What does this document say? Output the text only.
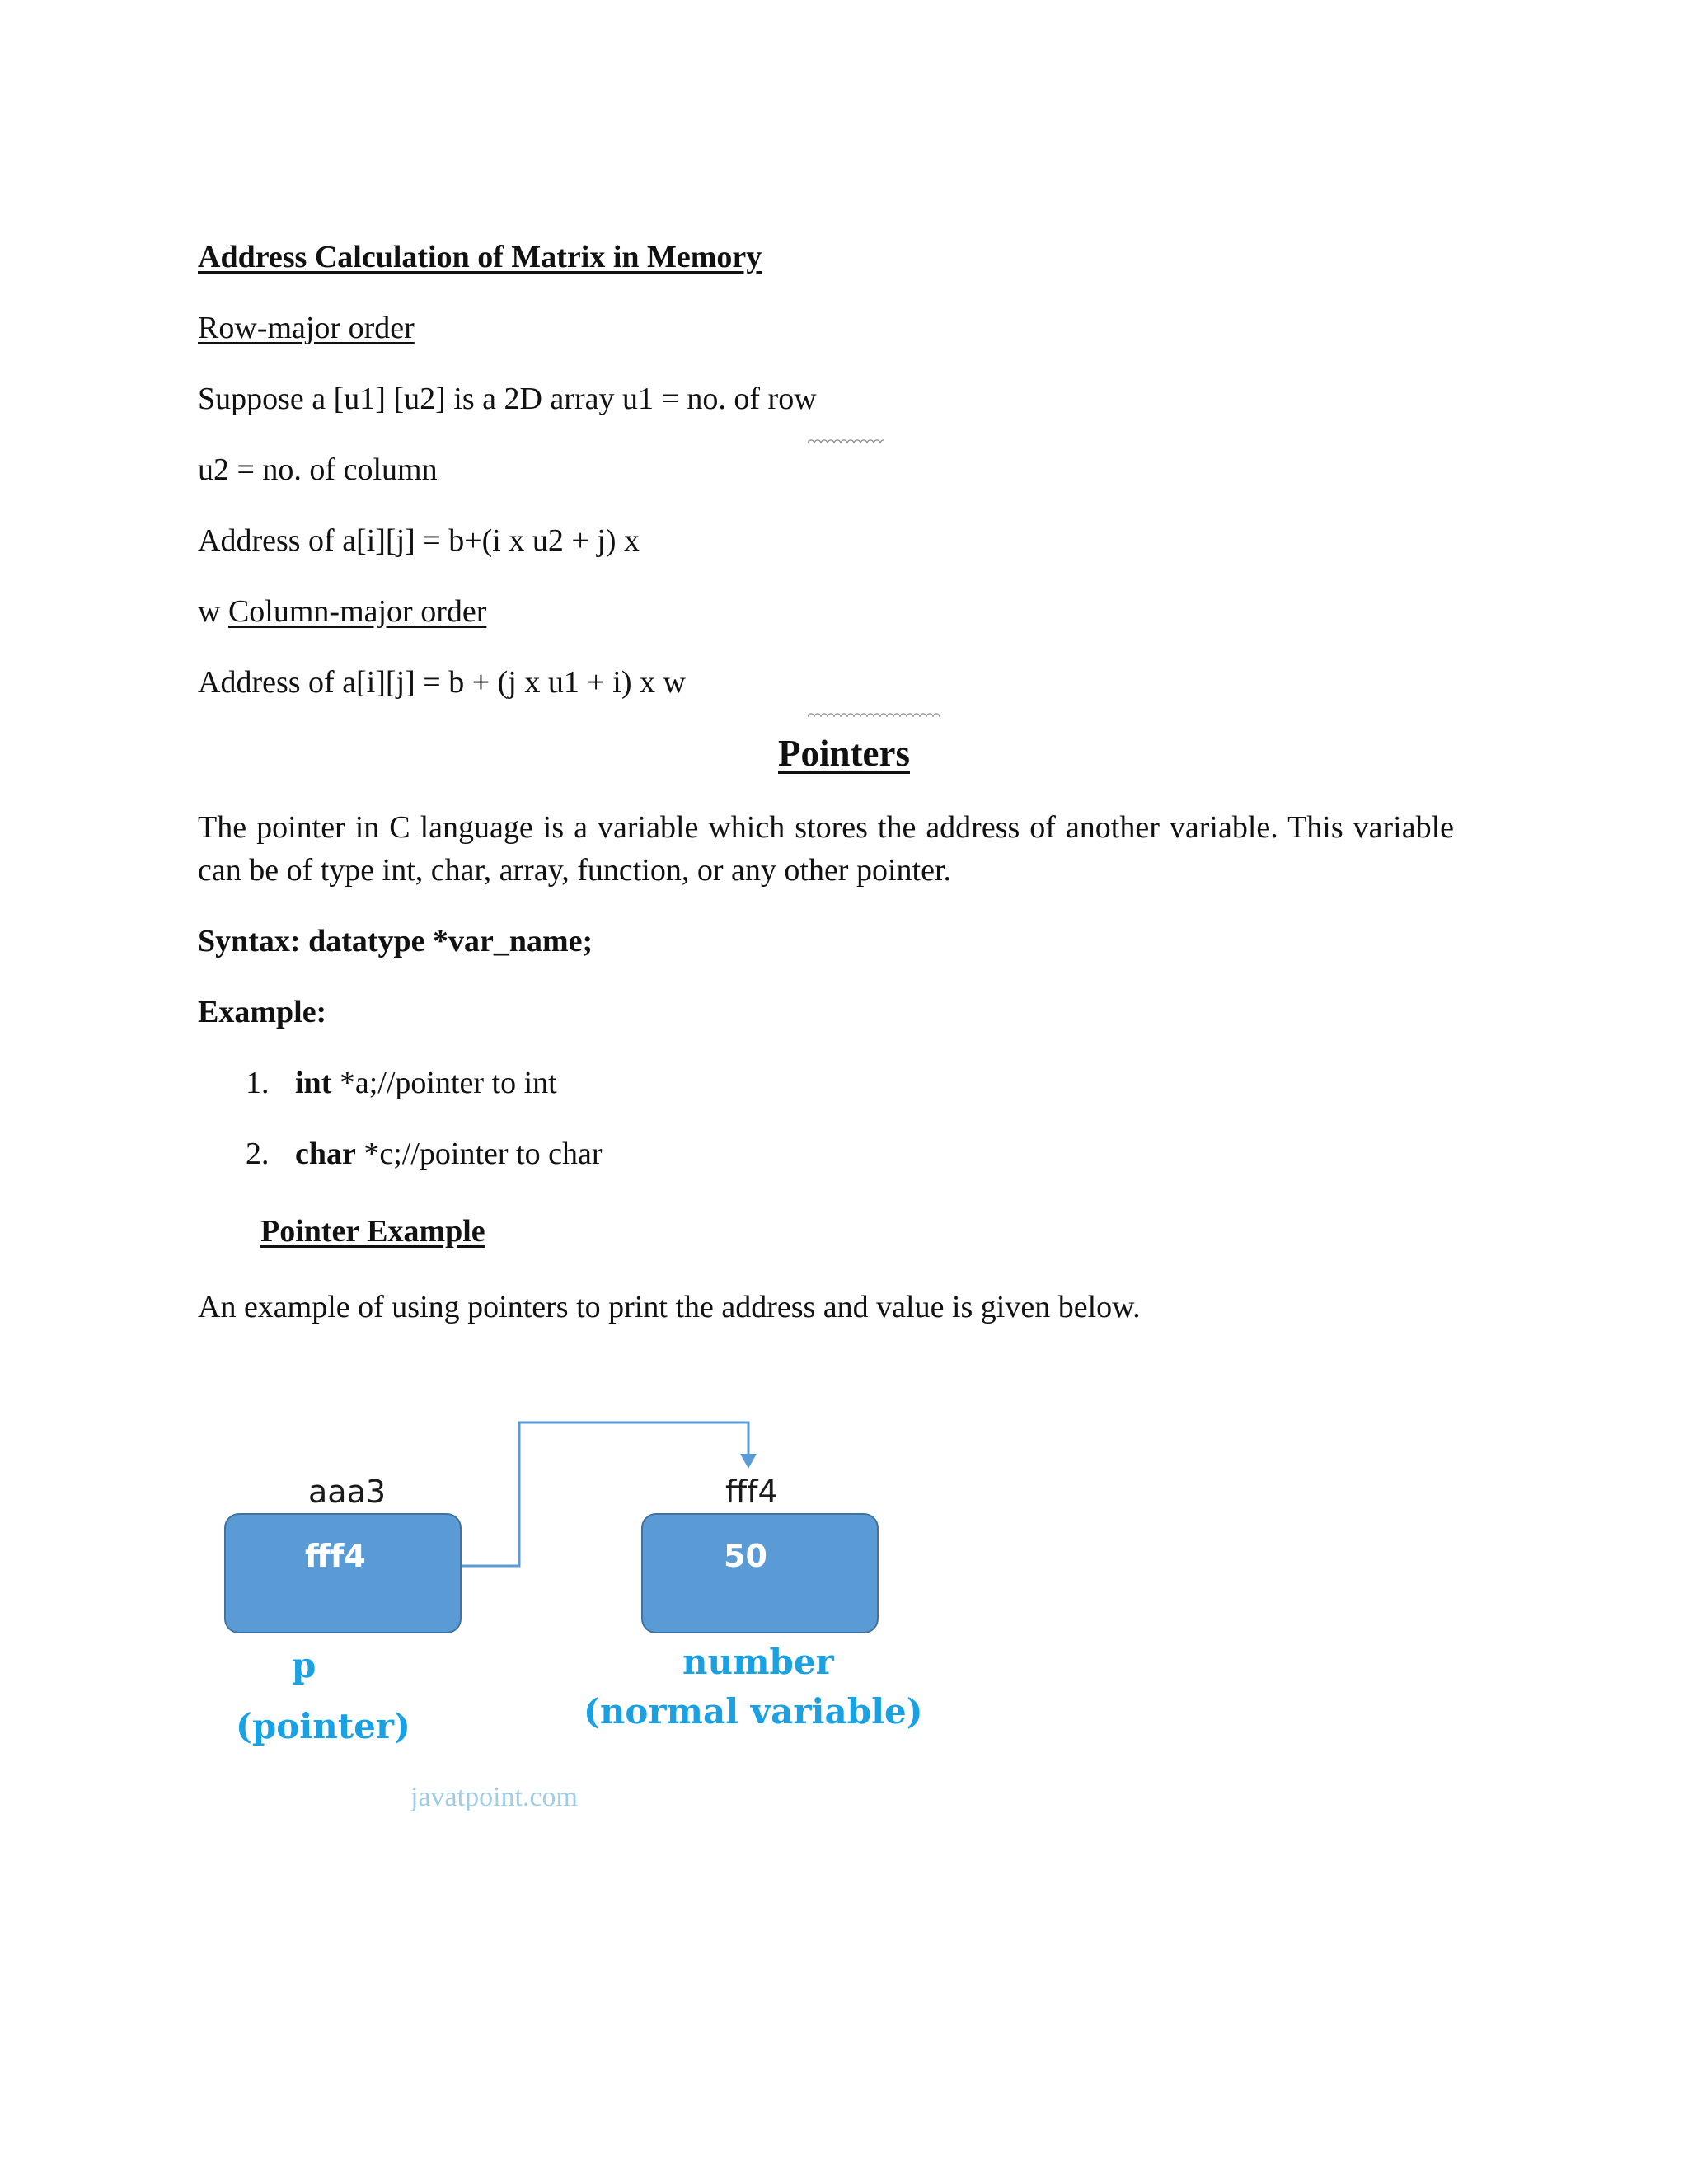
Address Calculation of Matrix in Memory
Row-major order
Suppose a [u1] [u2] is a 2D array u1 = no. of row
u2 = no. of column
Address of a[i][j] = b+(i x u2 + j) x
w Column-major order
Address of a[i][j] = b + (j x u1 + i) x w
Pointers
The pointer in C language is a variable which stores the address of another variable. This variable can be of type int, char, array, function, or any other pointer.
Syntax: datatype *var_name;
Example:
1. int *a;//pointer to int
2. char *c;//pointer to char
Pointer Example
An example of using pointers to print the address and value is given below.
aaa3
fff4
fff4
50
p
(pointer)
number
(normal variable)
javatpoint.com
